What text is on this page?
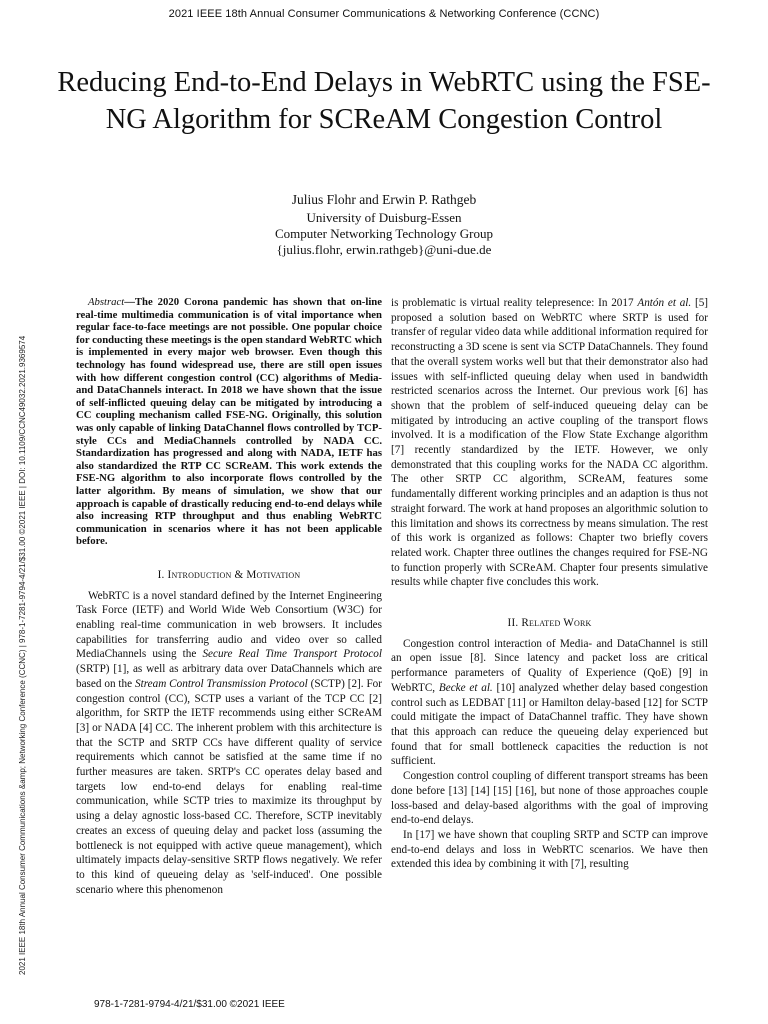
2021 IEEE 18th Annual Consumer Communications & Networking Conference (CCNC)
Reducing End-to-End Delays in WebRTC using the FSE-NG Algorithm for SCReAM Congestion Control
Julius Flohr and Erwin P. Rathgeb
University of Duisburg-Essen
Computer Networking Technology Group
{julius.flohr, erwin.rathgeb}@uni-due.de
2021 IEEE 18th Annual Consumer Communications &amp; Networking Conference (CCNC) | 978-1-7281-9794-4/21/$31.00 ©2021 IEEE | DOI: 10.1109/CCNC49032.2021.9369574

Abstract—The 2020 Corona pandemic has shown that on-line real-time multimedia communication is of vital importance when regular face-to-face meetings are not possible. One popular choice for conducting these meetings is the open standard WebRTC which is implemented in every major web browser. Even though this technology has found widespread use, there are still open issues with how different congestion control (CC) algorithms of Media- and DataChannels interact. In 2018 we have shown that the issue of self-inflicted queuing delay can be mitigated by introducing a CC coupling mechanism called FSE-NG. Originally, this solution was only capable of linking DataChannel flows controlled by TCP-style CCs and MediaChannels controlled by NADA CC. Standardization has progressed and along with NADA, IETF has also standardized the RTP CC SCReAM. This work extends the FSE-NG algorithm to also incorporate flows controlled by the latter algorithm. By means of simulation, we show that our approach is capable of drastically reducing end-to-end delays while also increasing RTP throughput and thus enabling WebRTC communication in scenarios where it has not been applicable before.

I. Introduction & Motivation

WebRTC is a novel standard defined by the Internet Engineering Task Force (IETF) and World Wide Web Consortium (W3C) for enabling real-time communication in web browsers. It includes capabilities for transferring audio and video over so called MediaChannels using the Secure Real Time Transport Protocol (SRTP) [1], as well as arbitrary data over DataChannels which are based on the Stream Control Transmission Protocol (SCTP) [2]. For congestion control (CC), SCTP uses a variant of the TCP CC [2] algorithm, for SRTP the IETF recommends using either SCReAM [3] or NADA [4] CC. The inherent problem with this architecture is that the SCTP and SRTP CCs have different quality of service requirements which cannot be satisfied at the same time if no further measures are taken. SRTP's CC operates delay based and targets low end-to-end delays for enabling real-time communication, while SCTP tries to maximize its throughput by using a delay agnostic loss-based CC. Therefore, SCTP inevitably creates an excess of queuing delay and packet loss (assuming the bottleneck is not equipped with active queue management), which ultimately impacts delay-sensitive SRTP flows negatively. We refer to this kind of queueing delay as 'self-induced'. One possible scenario where this phenomenon

is problematic is virtual reality telepresence: In 2017 Antón et al. [5] proposed a solution based on WebRTC where SRTP is used for transfer of regular video data while additional information required for reconstructing a 3D scene is sent via SCTP DataChannels. They found that the overall system works well but that their demonstrator also had issues with self-inflicted queuing delay when used in bandwidth restricted scenarios across the Internet. Our previous work [6] has shown that the problem of self-induced queueing delay can be mitigated by introducing an active coupling of the transport flows involved. It is a modification of the Flow State Exchange algorithm [7] recently standardized by the IETF. However, we only demonstrated that this coupling works for the NADA CC algorithm. The other SRTP CC algorithm, SCReAM, features some fundamentally different working principles and an adaption is thus not straight forward. The work at hand proposes an algorithmic solution to this limitation and shows its correctness by means simulation. The rest of this work is organized as follows: Chapter two briefly covers related work. Chapter three outlines the changes required for FSE-NG to function properly with SCReAM. Chapter four presents simulative results while chapter five concludes this work.

II. Related Work

Congestion control interaction of Media- and DataChannel is still an open issue [8]. Since latency and packet loss are critical performance parameters of Quality of Experience (QoE) [9] in WebRTC, Becke et al. [10] analyzed whether delay based congestion control such as LEDBAT [11] or Hamilton delay-based [12] for SCTP could mitigate the impact of DataChannel traffic. They have shown that this approach can reduce the queueing delay experienced but found that for small bottleneck capacities the reduction is not sufficient.

Congestion control coupling of different transport streams has been done before [13] [14] [15] [16], but none of those approaches couple loss-based and delay-based algorithms with the goal of improving end-to-end delays.

In [17] we have shown that coupling SRTP and SCTP can improve end-to-end delays and loss in WebRTC scenarios. We have then extended this idea by combining it with [7], resulting

978-1-7281-9794-4/21/$31.00 ©2021 IEEE
